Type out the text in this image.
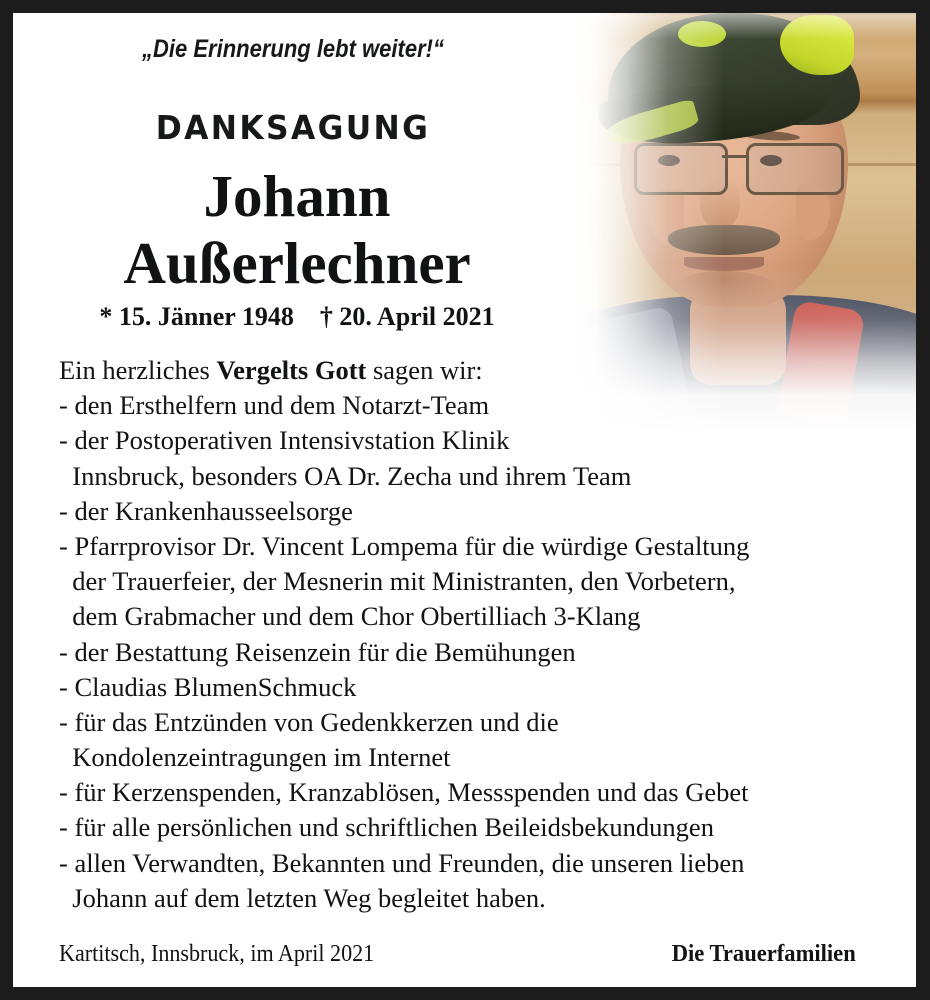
„Die Erinnerung lebt weiter!“
DANKSAGUNG
Johann
Außerlechner
* 15. Jänner 1948    † 20. April 2021
Ein herzliches Vergelts Gott sagen wir:
- den Ersthelfern und dem Notarzt-Team
- der Postoperativen Intensivstation Klinik
Innsbruck, besonders OA Dr. Zecha und ihrem Team
- der Krankenhausseelsorge
- Pfarrprovisor Dr. Vincent Lompema für die würdige Gestaltung
der Trauerfeier, der Mesnerin mit Ministranten, den Vorbetern,
dem Grabmacher und dem Chor Obertilliach 3-Klang
- der Bestattung Reisenzein für die Bemühungen
- Claudias BlumenSchmuck
- für das Entzünden von Gedenkkerzen und die
Kondolenzeintragungen im Internet
- für Kerzenspenden, Kranzablösen, Messspenden und das Gebet
- für alle persönlichen und schriftlichen Beileidsbekundungen
- allen Verwandten, Bekannten und Freunden, die unseren lieben
Johann auf dem letzten Weg begleitet haben.
Kartitsch, Innsbruck, im April 2021	Die Trauerfamilien
